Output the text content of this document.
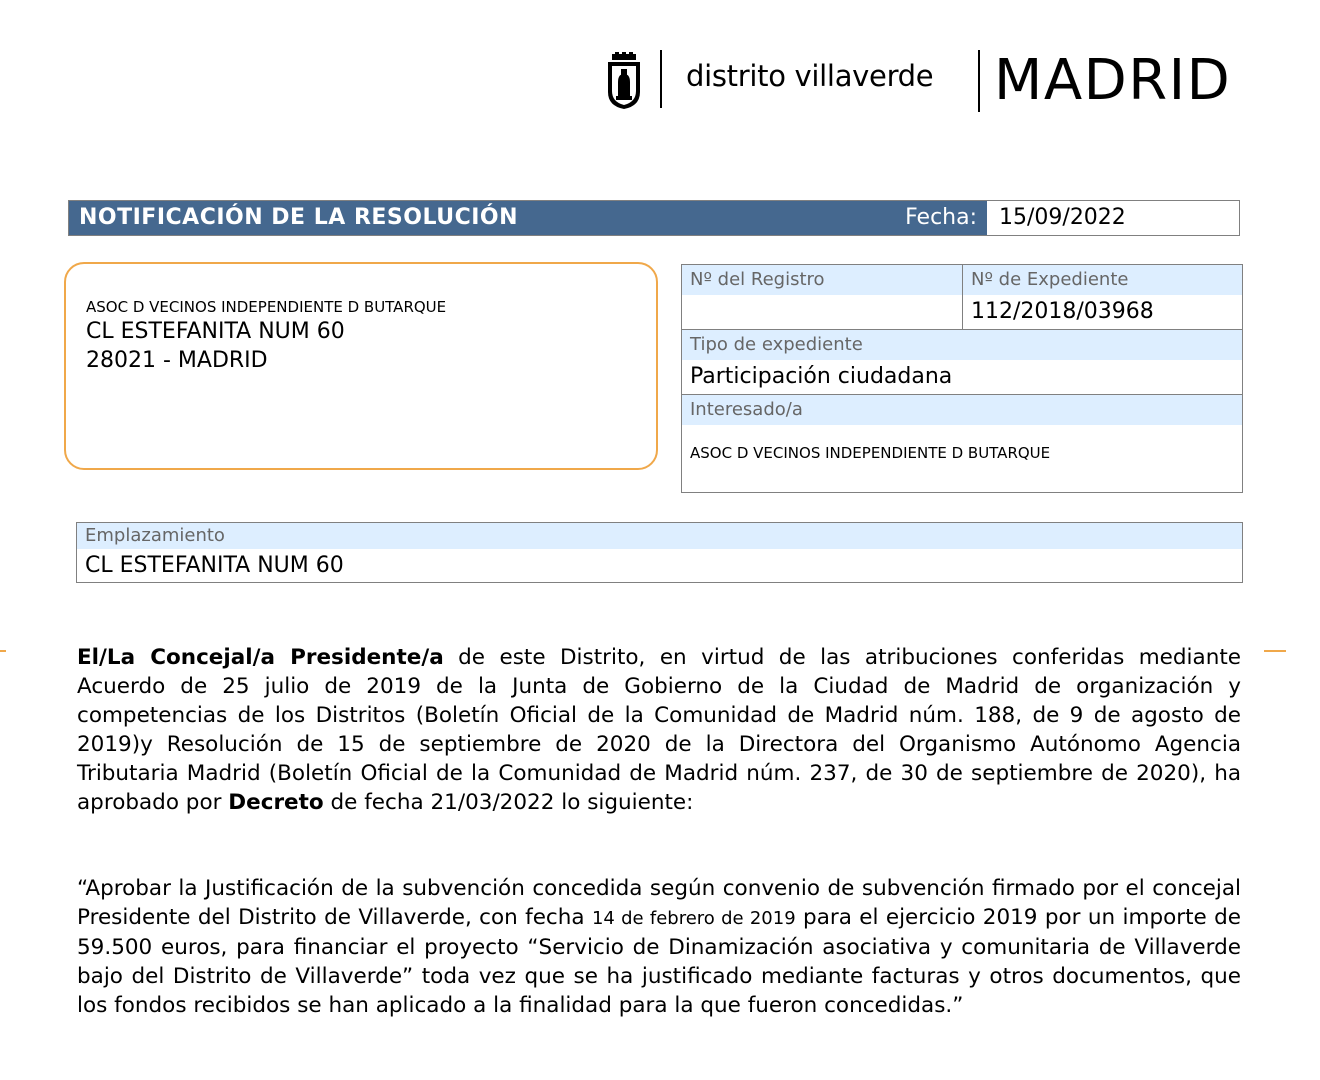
distrito villaverde MADRID
NOTIFICACIÓN DE LA RESOLUCIÓN	Fecha: 15/09/2022
ASOC D VECINOS INDEPENDIENTE D BUTARQUE
CL ESTEFANITA NUM 60
28021 - MADRID
Nº del Registro	Nº de Expediente
112/2018/03968
Tipo de expediente
Participación ciudadana
Interesado/a
ASOC D VECINOS INDEPENDIENTE D BUTARQUE
Emplazamiento
CL ESTEFANITA NUM 60
El/La Concejal/a Presidente/a de este Distrito, en virtud de las atribuciones conferidas mediante Acuerdo de 25 julio de 2019 de la Junta de Gobierno de la Ciudad de Madrid de organización y competencias de los Distritos (Boletín Oficial de la Comunidad de Madrid núm. 188, de 9 de agosto de 2019)y Resolución de 15 de septiembre de 2020 de la Directora del Organismo Autónomo Agencia Tributaria Madrid (Boletín Oficial de la Comunidad de Madrid núm. 237, de 30 de septiembre de 2020), ha aprobado por Decreto de fecha 21/03/2022 lo siguiente:
“Aprobar la Justificación de la subvención concedida según convenio de subvención firmado por el concejal Presidente del Distrito de Villaverde, con fecha 14 de febrero de 2019 para el ejercicio 2019 por un importe de 59.500 euros, para financiar el proyecto “Servicio de Dinamización asociativa y comunitaria de Villaverde bajo del Distrito de Villaverde” toda vez que se ha justificado mediante facturas y otros documentos, que los fondos recibidos se han aplicado a la finalidad para la que fueron concedidas.”
